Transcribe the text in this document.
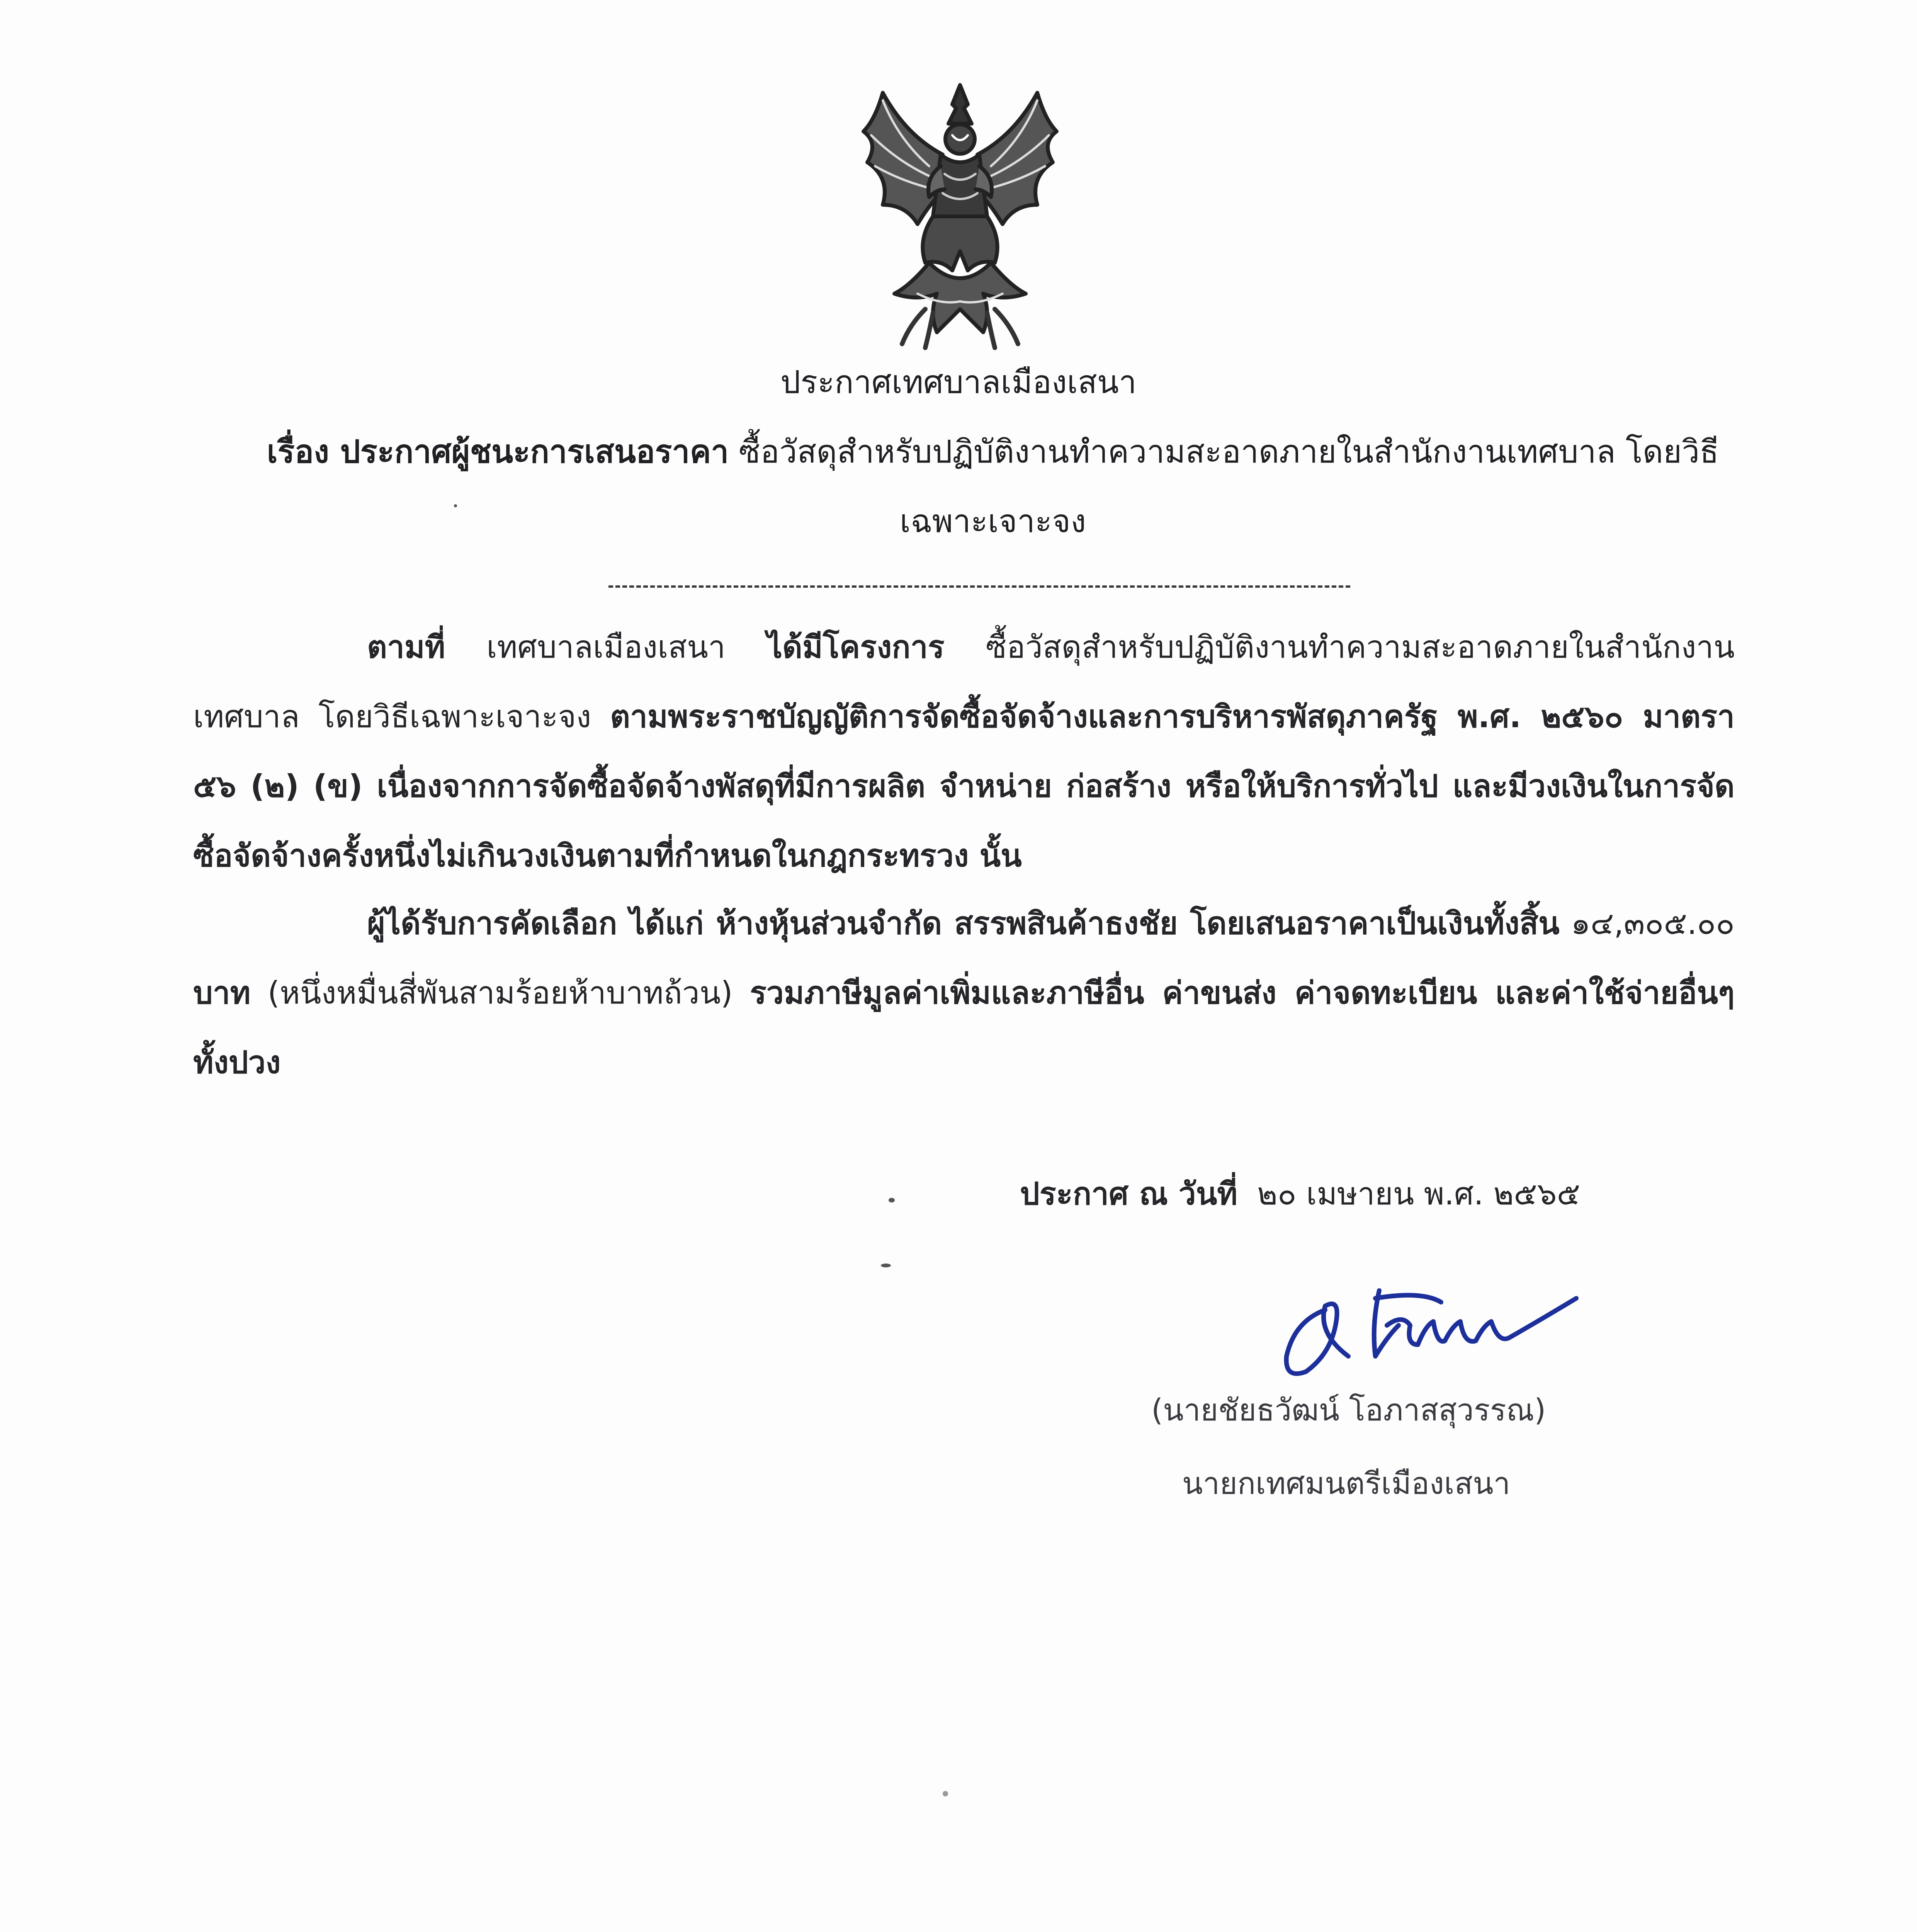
ประกาศเทศบาลเมืองเสนา
เรื่อง ประกาศผู้ชนะการเสนอราคา ซื้อวัสดุสำหรับปฏิบัติงานทำความสะอาดภายในสำนักงานเทศบาล โดยวิธีเฉพาะเจาะจง
ตามที่ เทศบาลเมืองเสนา ได้มีโครงการ ซื้อวัสดุสำหรับปฏิบัติงานทำความสะอาดภายในสำนักงานเทศบาล โดยวิธีเฉพาะเจาะจง ตามพระราชบัญญัติการจัดซื้อจัดจ้างและการบริหารพัสดุภาครัฐ พ.ศ. ๒๕๖๐ มาตรา ๕๖ (๒) (ข) เนื่องจากการจัดซื้อจัดจ้างพัสดุที่มีการผลิต จำหน่าย ก่อสร้าง หรือให้บริการทั่วไป และมีวงเงินในการจัดซื้อจัดจ้างครั้งหนึ่งไม่เกินวงเงินตามที่กำหนดในกฎกระทรวง นั้น
ผู้ได้รับการคัดเลือก ได้แก่ ห้างหุ้นส่วนจำกัด สรรพสินค้าธงชัย โดยเสนอราคาเป็นเงินทั้งสิ้น ๑๔,๓๐๕.๐๐ บาท (หนึ่งหมื่นสี่พันสามร้อยห้าบาทถ้วน) รวมภาษีมูลค่าเพิ่มและภาษีอื่น ค่าขนส่ง ค่าจดทะเบียน และค่าใช้จ่ายอื่นๆ ทั้งปวง
ประกาศ ณ วันที่ ๒๐ เมษายน พ.ศ. ๒๕๖๕
(นายชัยธวัฒน์ โอภาสสุวรรณ)
นายกเทศมนตรีเมืองเสนา
